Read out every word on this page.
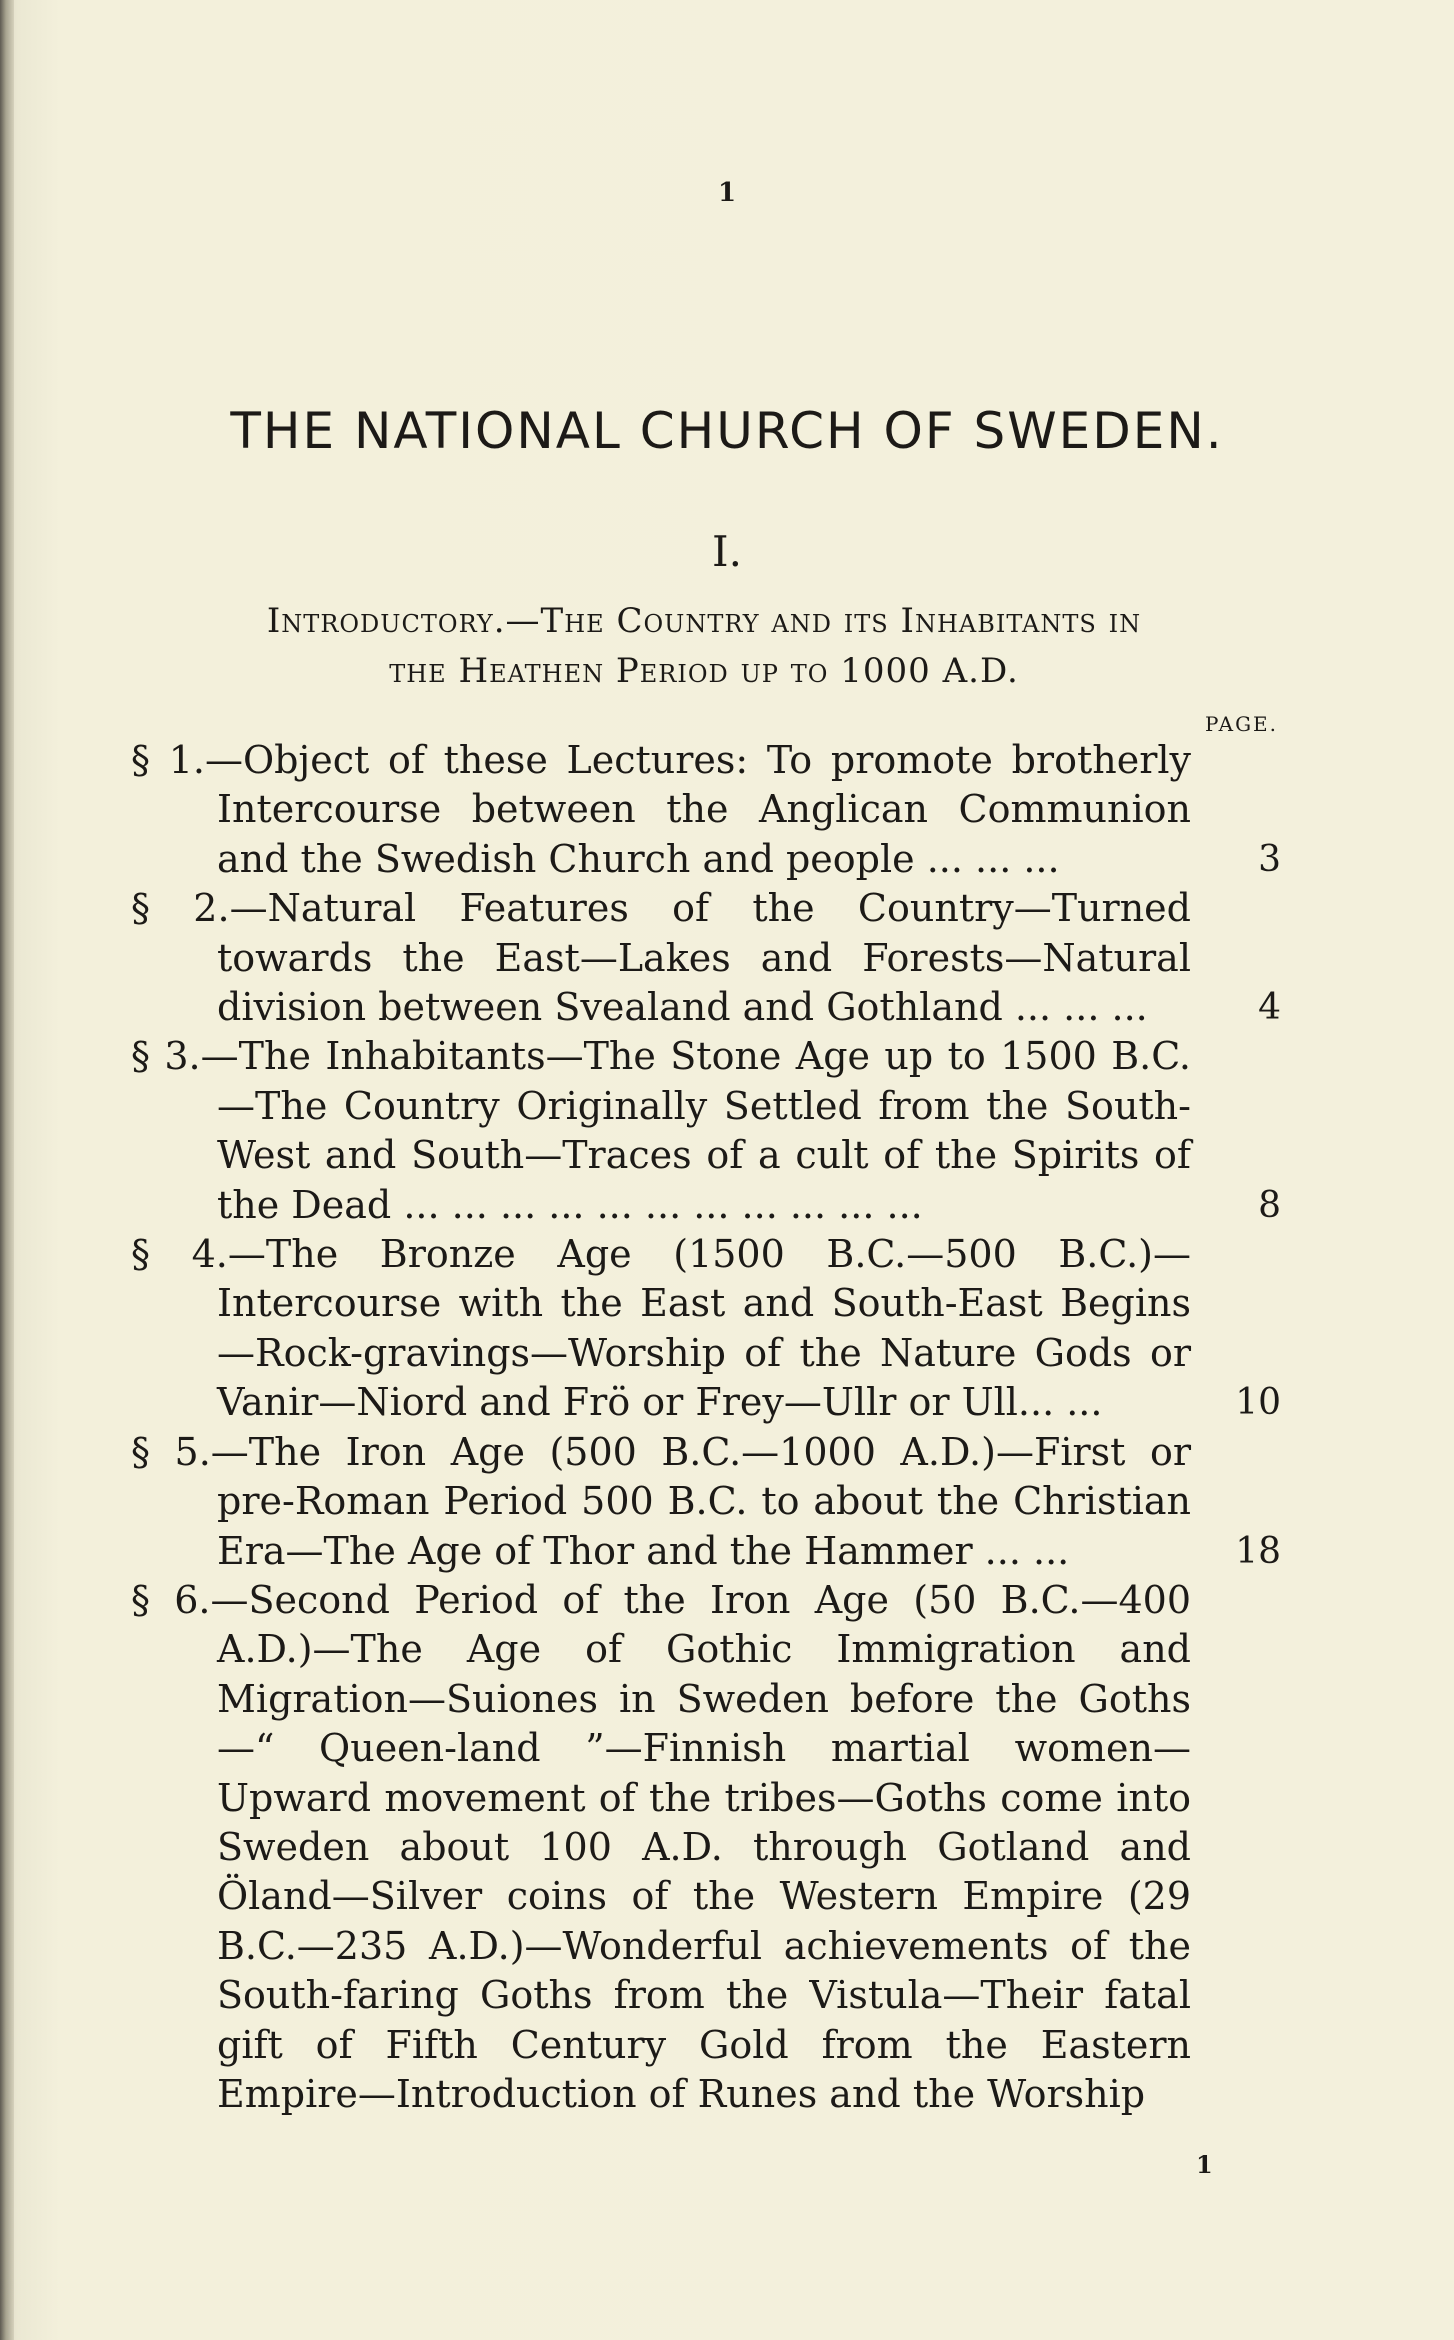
1
THE NATIONAL CHURCH OF SWEDEN.
I.
Introductory.—The Country and its Inhabitants in
the Heathen Period up to 1000 A.D.
PAGE.
§ 1.—Object of these Lectures: To promote brotherly Intercourse between the Anglican Communion and the Swedish Church and people ... ... ...	3
§ 2.—Natural Features of the Country—Turned towards the East—Lakes and Forests—Natural division between Svealand and Gothland ... ... ...	4
§ 3.—The Inhabitants—The Stone Age up to 1500 B.C. —The Country Originally Settled from the South-West and South—Traces of a cult of the Spirits of the Dead ... ... ... ... ... ... ... ... ... ... ...	8
§ 4.—The Bronze Age (1500 B.C.—500 B.C.)—Intercourse with the East and South-East Begins—Rock-gravings—Worship of the Nature Gods or Vanir—Niord and Frö or Frey—Ullr or Ull... ...	10
§ 5.—The Iron Age (500 B.C.—1000 A.D.)—First or pre-Roman Period 500 B.C. to about the Christian Era—The Age of Thor and the Hammer ... ...	18
§ 6.—Second Period of the Iron Age (50 B.C.—400 A.D.)—The Age of Gothic Immigration and Migration—Suiones in Sweden before the Goths —“ Queen-land ”—Finnish martial women—Upward movement of the tribes—Goths come into Sweden about 100 A.D. through Gotland and Öland—Silver coins of the Western Empire (29 B.C.—235 A.D.)—Wonderful achievements of the South-faring Goths from the Vistula—Their fatal gift of Fifth Century Gold from the Eastern Empire—Introduction of Runes and the Worship
1
